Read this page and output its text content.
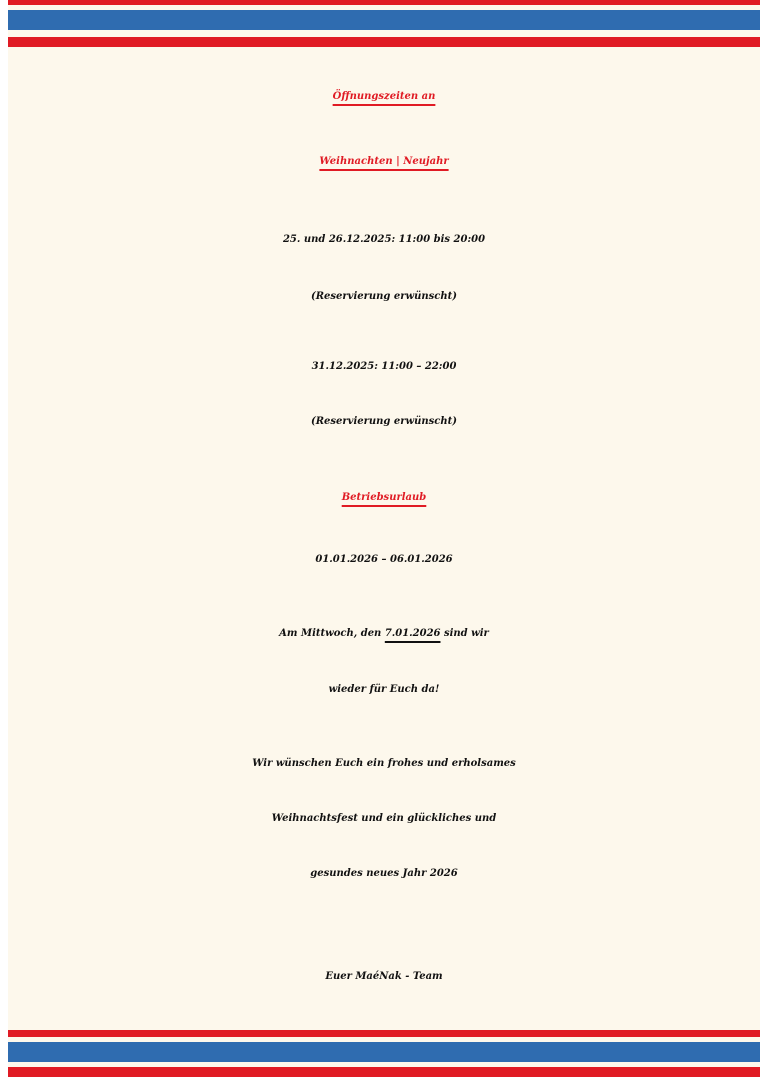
Öffnungszeiten an
Weihnachten | Neujahr
25. und 26.12.2025: 11:00 bis 20:00
(Reservierung erwünscht)
31.12.2025: 11:00 – 22:00
(Reservierung erwünscht)
Betriebsurlaub
01.01.2026 – 06.01.2026
Am Mittwoch, den 7.01.2026 sind wir
wieder für Euch da!
Wir wünschen Euch ein frohes und erholsames
Weihnachtsfest und ein glückliches und
gesundes neues Jahr 2026
Euer MaéNak - Team
